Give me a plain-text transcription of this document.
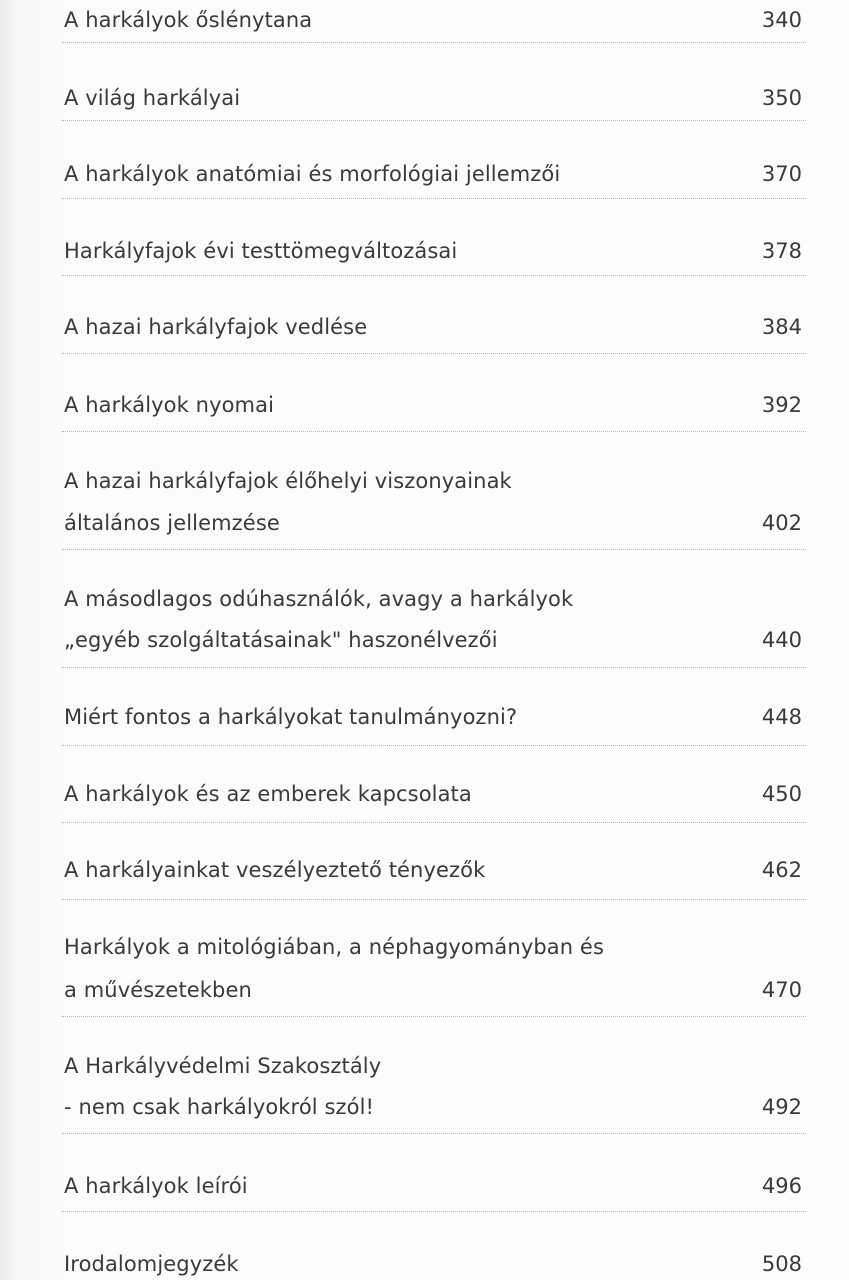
A harkályok őslénytana	340
A világ harkályai	350
A harkályok anatómiai és morfológiai jellemzői	370
Harkályfajok évi testtömegváltozásai	378
A hazai harkályfajok vedlése	384
A harkályok nyomai	392
A hazai harkályfajok élőhelyi viszonyainak
általános jellemzése	402
A másodlagos odúhasználók, avagy a harkályok
„egyéb szolgáltatásainak" haszonélvezői	440
Miért fontos a harkályokat tanulmányozni?	448
A harkályok és az emberek kapcsolata	450
A harkályainkat veszélyeztető tényezők	462
Harkályok a mitológiában, a néphagyományban és
a művészetekben	470
A Harkályvédelmi Szakosztály
- nem csak harkályokról szól!	492
A harkályok leírói	496
Irodalomjegyzék	508
